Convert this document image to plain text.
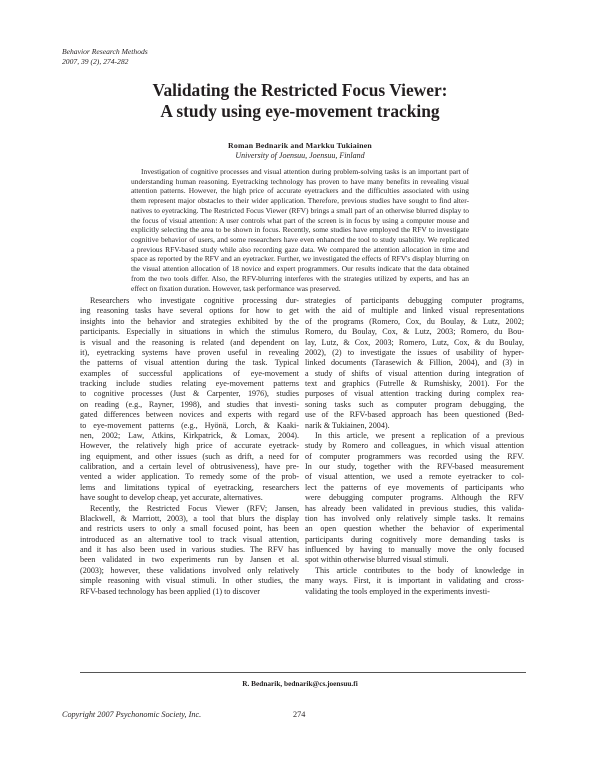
Behavior Research Methods
2007, 39 (2), 274-282
Validating the Restricted Focus Viewer:
A study using eye-movement tracking
Roman Bednarik and Markku Tukiainen
University of Joensuu, Joensuu, Finland
Investigation of cognitive processes and visual attention during problem-solving tasks is an important part of
understanding human reasoning. Eyetracking technology has proven to have many benefits in revealing visual
attention patterns. However, the high price of accurate eyetrackers and the difficulties associated with using
them represent major obstacles to their wider application. Therefore, previous studies have sought to find alter-
natives to eyetracking. The Restricted Focus Viewer (RFV) brings a small part of an otherwise blurred display to
the focus of visual attention: A user controls what part of the screen is in focus by using a computer mouse and
explicitly selecting the area to be shown in focus. Recently, some studies have employed the RFV to investigate
cognitive behavior of users, and some researchers have even enhanced the tool to study usability. We replicated
a previous RFV-based study while also recording gaze data. We compared the attention allocation in time and
space as reported by the RFV and an eyetracker. Further, we investigated the effects of RFV's display blurring on
the visual attention allocation of 18 novice and expert programmers. Our results indicate that the data obtained
from the two tools differ. Also, the RFV-blurring interferes with the strategies utilized by experts, and has an
effect on fixation duration. However, task performance was preserved.
Researchers who investigate cognitive processing dur-
ing reasoning tasks have several options for how to get
insights into the behavior and strategies exhibited by the
participants. Especially in situations in which the stimulus
is visual and the reasoning is related (and dependent on
it), eyetracking systems have proven useful in revealing
the patterns of visual attention during the task. Typical
examples of successful applications of eye-movement
tracking include studies relating eye-movement patterns
to cognitive processes (Just & Carpenter, 1976), studies
on reading (e.g., Rayner, 1998), and studies that investi-
gated differences between novices and experts with regard
to eye-movement patterns (e.g., Hyönä, Lorch, & Kaaki-
nen, 2002; Law, Atkins, Kirkpatrick, & Lomax, 2004).
However, the relatively high price of accurate eyetrack-
ing equipment, and other issues (such as drift, a need for
calibration, and a certain level of obtrusiveness), have pre-
vented a wider application. To remedy some of the prob-
lems and limitations typical of eyetracking, researchers
have sought to develop cheap, yet accurate, alternatives.
Recently, the Restricted Focus Viewer (RFV; Jansen,
Blackwell, & Marriott, 2003), a tool that blurs the display
and restricts users to only a small focused point, has been
introduced as an alternative tool to track visual attention,
and it has also been used in various studies. The RFV has
been validated in two experiments run by Jansen et al.
(2003); however, these validations involved only relatively
simple reasoning with visual stimuli. In other studies, the
RFV-based technology has been applied (1) to discover
strategies of participants debugging computer programs,
with the aid of multiple and linked visual representations
of the programs (Romero, Cox, du Boulay, & Lutz, 2002;
Romero, du Boulay, Cox, & Lutz, 2003; Romero, du Bou-
lay, Lutz, & Cox, 2003; Romero, Lutz, Cox, & du Boulay,
2002), (2) to investigate the issues of usability of hyper-
linked documents (Tarasewich & Fillion, 2004), and (3) in
a study of shifts of visual attention during integration of
text and graphics (Futrelle & Rumshisky, 2001). For the
purposes of visual attention tracking during complex rea-
soning tasks such as computer program debugging, the
use of the RFV-based approach has been questioned (Bed-
narik & Tukiainen, 2004).
In this article, we present a replication of a previous
study by Romero and colleagues, in which visual attention
of computer programmers was recorded using the RFV.
In our study, together with the RFV-based measurement
of visual attention, we used a remote eyetracker to col-
lect the patterns of eye movements of participants who
were debugging computer programs. Although the RFV
has already been validated in previous studies, this valida-
tion has involved only relatively simple tasks. It remains
an open question whether the behavior of experimental
participants during cognitively more demanding tasks is
influenced by having to manually move the only focused
spot within otherwise blurred visual stimuli.
This article contributes to the body of knowledge in
many ways. First, it is important in validating and cross-
validating the tools employed in the experiments investi-
R. Bednarik, bednarik@cs.joensuu.fi
Copyright 2007 Psychonomic Society, Inc.	274
